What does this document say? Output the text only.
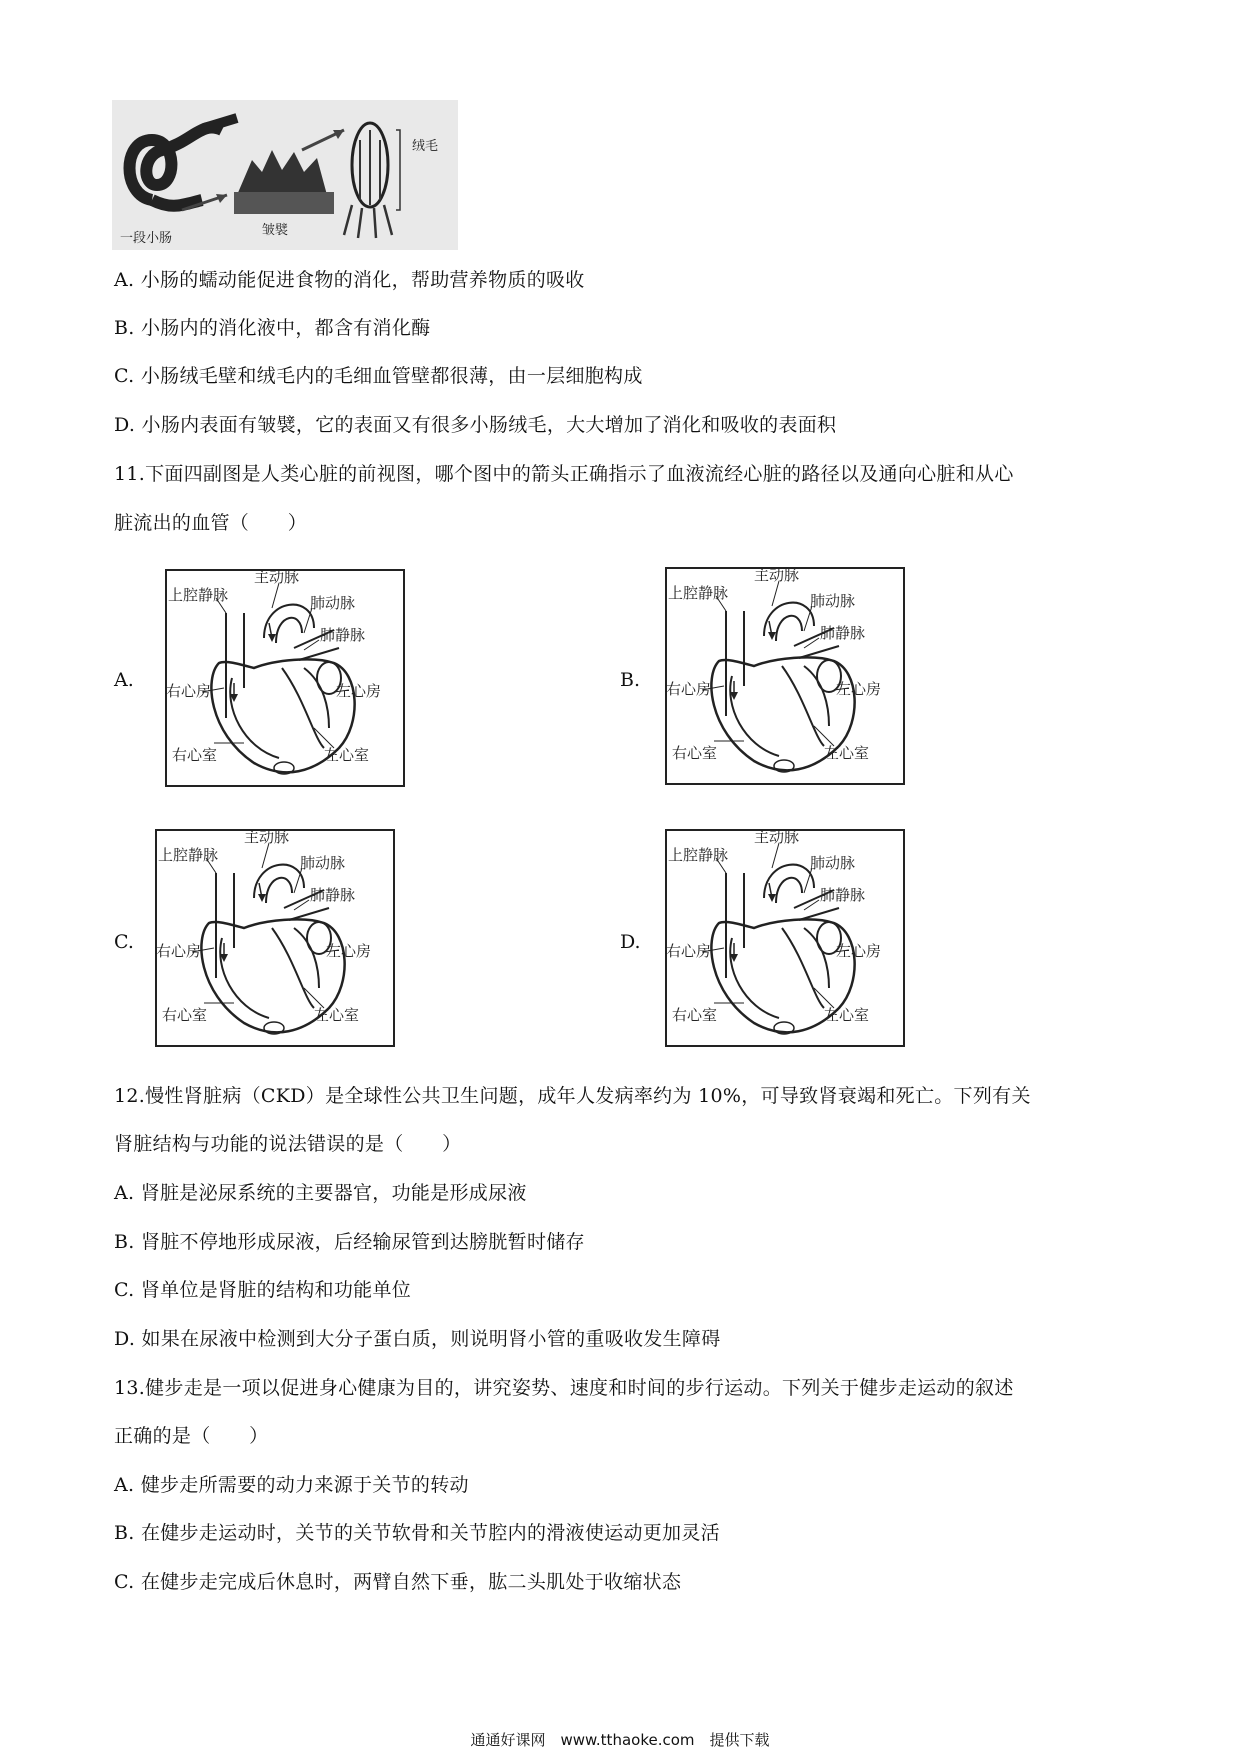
绒毛
一段小肠
皱襞
A. 小肠的蠕动能促进食物的消化，帮助营养物质的吸收
B. 小肠内的消化液中，都含有消化酶
C. 小肠绒毛壁和绒毛内的毛细血管壁都很薄，由一层细胞构成
D. 小肠内表面有皱襞，它的表面又有很多小肠绒毛，大大增加了消化和吸收的表面积
11.下面四副图是人类心脏的前视图，哪个图中的箭头正确指示了血液流经心脏的路径以及通向心脏和从心
脏流出的血管（　　）
A.	B.
C.	D.
主动脉
上腔静脉	肺动脉
肺静脉
右心房	左心房
右心室	左心室
主动脉
上腔静脉	肺动脉
肺静脉
右心房	左心房
右心室	左心室
主动脉
上腔静脉	肺动脉
肺静脉
右心房	左心房
右心室	左心室
主动脉
上腔静脉	肺动脉
肺静脉
右心房	左心房
右心室	左心室
12.慢性肾脏病（CKD）是全球性公共卫生问题，成年人发病率约为 10%，可导致肾衰竭和死亡。下列有关
肾脏结构与功能的说法错误的是（　　）
A. 肾脏是泌尿系统的主要器官，功能是形成尿液
B. 肾脏不停地形成尿液，后经输尿管到达膀胱暂时储存
C. 肾单位是肾脏的结构和功能单位
D. 如果在尿液中检测到大分子蛋白质，则说明肾小管的重吸收发生障碍
13.健步走是一项以促进身心健康为目的，讲究姿势、速度和时间的步行运动。下列关于健步走运动的叙述
正确的是（　　）
A. 健步走所需要的动力来源于关节的转动
B. 在健步走运动时，关节的关节软骨和关节腔内的滑液使运动更加灵活
C. 在健步走完成后休息时，两臂自然下垂，肱二头肌处于收缩状态
通通好课网　www.tthaoke.com　提供下载
